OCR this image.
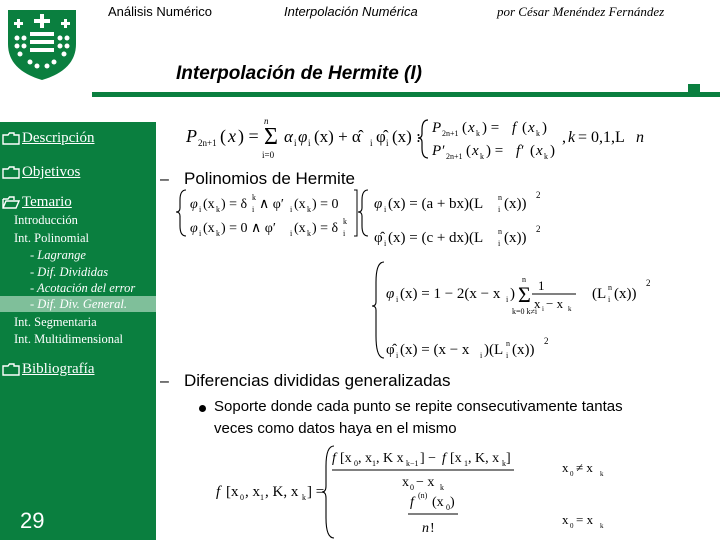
Análisis Numérico	Interpolación Numérica	por César Menéndez Fernández
Interpolación de Hermite (I)
Descripción
Objetivos
Temario
Introducción
Int. Polinomial
- Lagrange
- Dif. Divididas
- Acotación del error
- Dif. Div. General.
Int. Segmentaria
Int. Multidimensional
Bibliografía
29
P 2n+1 ( x ) = Σ
n
i=0
α i φ i (x) + α̂	i φ̂ i (x) : P 2n+1 ( x k ) = f ( x k )
P′ 2n+1 ( x k ) = f′ ( x k )
, k = 0,1,L n
– Polinomios de Hermite
φ i (x k ) = δ k
i ∧ φ′ i (x k ) = 0
φ i (x k ) = 0 ∧ φ′ i (x k ) = δ k
i
φ i (x) = (a + bx)(L n
i (x))
2
φ̂ i (x) = (c + dx)(L n
i (x))
2
φ i (x) = 1 − 2(x − x i ) Σ
n
k=0 k≠i
1
x i − x k
(L n
i (x))
2
φ̂ i (x) = (x − x i )(L n
i (x))
2
– Diferencias divididas generalizadas
Soporte donde cada punto se repite consecutivamente tantas veces como datos haya en el mismo
f [x 0 , x 1 , K, x k ] =
f [x 0 , x 1 , K x k−1 ] − f [x 1 , K, x k ]
x 0 − x k
x 0 ≠ x k
f (n) (x 0 )
n !
x 0 = x k
